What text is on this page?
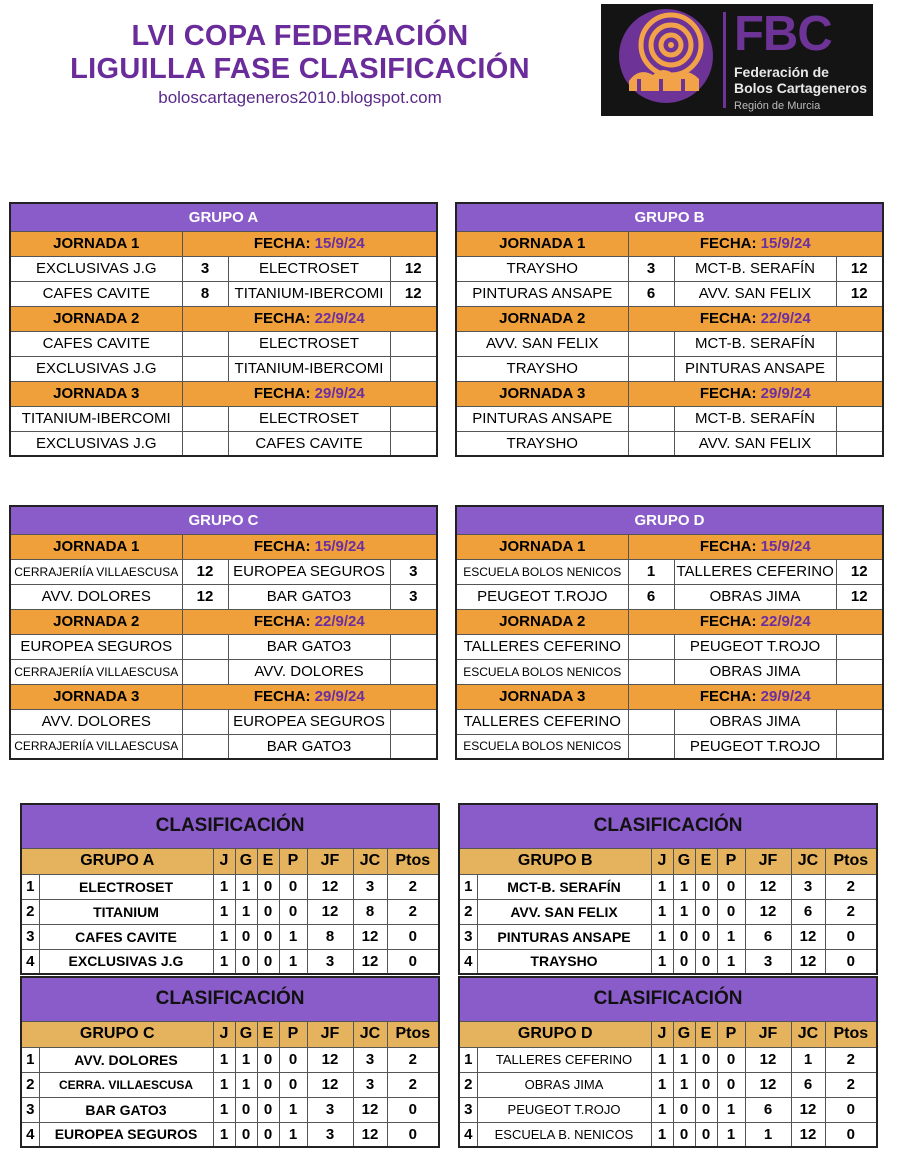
LVI COPA FEDERACIÓN
LIGUILLA FASE CLASIFICACIÓN
boloscartageneros2010.blogspot.com
FBC
Federación de
Bolos Cartageneros
Región de Murcia
GRUPO A			
JORNADA 1	FECHA: 15/9/24		
EXCLUSIVAS J.G	3	ELECTROSET	12
CAFES CAVITE	8	TITANIUM-IBERCOMI	12
JORNADA 2	FECHA: 22/9/24		
CAFES CAVITE		ELECTROSET	
EXCLUSIVAS J.G		TITANIUM-IBERCOMI	
JORNADA 3	FECHA: 29/9/24		
TITANIUM-IBERCOMI		ELECTROSET	
EXCLUSIVAS J.G		CAFES CAVITE	
GRUPO B			
JORNADA 1	FECHA: 15/9/24		
TRAYSHO	3	MCT-B. SERAFÍN	12
PINTURAS ANSAPE	6	AVV. SAN FELIX	12
JORNADA 2	FECHA: 22/9/24		
AVV. SAN FELIX		MCT-B. SERAFÍN	
TRAYSHO		PINTURAS ANSAPE	
JORNADA 3	FECHA: 29/9/24		
PINTURAS ANSAPE		MCT-B. SERAFÍN	
TRAYSHO		AVV. SAN FELIX	
GRUPO C			
JORNADA 1	FECHA: 15/9/24		
CERRAJERIÍA VILLAESCUSA	12	EUROPEA SEGUROS	3
AVV. DOLORES	12	BAR GATO3	3
JORNADA 2	FECHA: 22/9/24		
EUROPEA SEGUROS		BAR GATO3	
CERRAJERIÍA VILLAESCUSA		AVV. DOLORES	
JORNADA 3	FECHA: 29/9/24		
AVV. DOLORES		EUROPEA SEGUROS	
CERRAJERIÍA VILLAESCUSA		BAR GATO3	
GRUPO D			
JORNADA 1	FECHA: 15/9/24		
ESCUELA BOLOS NENICOS	1	TALLERES CEFERINO	12
PEUGEOT T.ROJO	6	OBRAS JIMA	12
JORNADA 2	FECHA: 22/9/24		
TALLERES CEFERINO		PEUGEOT T.ROJO	
ESCUELA BOLOS NENICOS		OBRAS JIMA	
JORNADA 3	FECHA: 29/9/24		
TALLERES CEFERINO		OBRAS JIMA	
ESCUELA BOLOS NENICOS		PEUGEOT T.ROJO	
CLASIFICACIÓN								
GRUPO A		J	G	E	P	JF	JC	Ptos
1	ELECTROSET	1	1	0	0	12	3	2
2	TITANIUM	1	1	0	0	12	8	2
3	CAFES CAVITE	1	0	0	1	8	12	0
4	EXCLUSIVAS J.G	1	0	0	1	3	12	0
CLASIFICACIÓN								
GRUPO B		J	G	E	P	JF	JC	Ptos
1	MCT-B. SERAFÍN	1	1	0	0	12	3	2
2	AVV. SAN FELIX	1	1	0	0	12	6	2
3	PINTURAS ANSAPE	1	0	0	1	6	12	0
4	TRAYSHO	1	0	0	1	3	12	0
CLASIFICACIÓN								
GRUPO C		J	G	E	P	JF	JC	Ptos
1	AVV. DOLORES	1	1	0	0	12	3	2
2	CERRA. VILLAESCUSA	1	1	0	0	12	3	2
3	BAR GATO3	1	0	0	1	3	12	0
4	EUROPEA SEGUROS	1	0	0	1	3	12	0
CLASIFICACIÓN								
GRUPO D		J	G	E	P	JF	JC	Ptos
1	TALLERES CEFERINO	1	1	0	0	12	1	2
2	OBRAS JIMA	1	1	0	0	12	6	2
3	PEUGEOT T.ROJO	1	0	0	1	6	12	0
4	ESCUELA B. NENICOS	1	0	0	1	1	12	0
